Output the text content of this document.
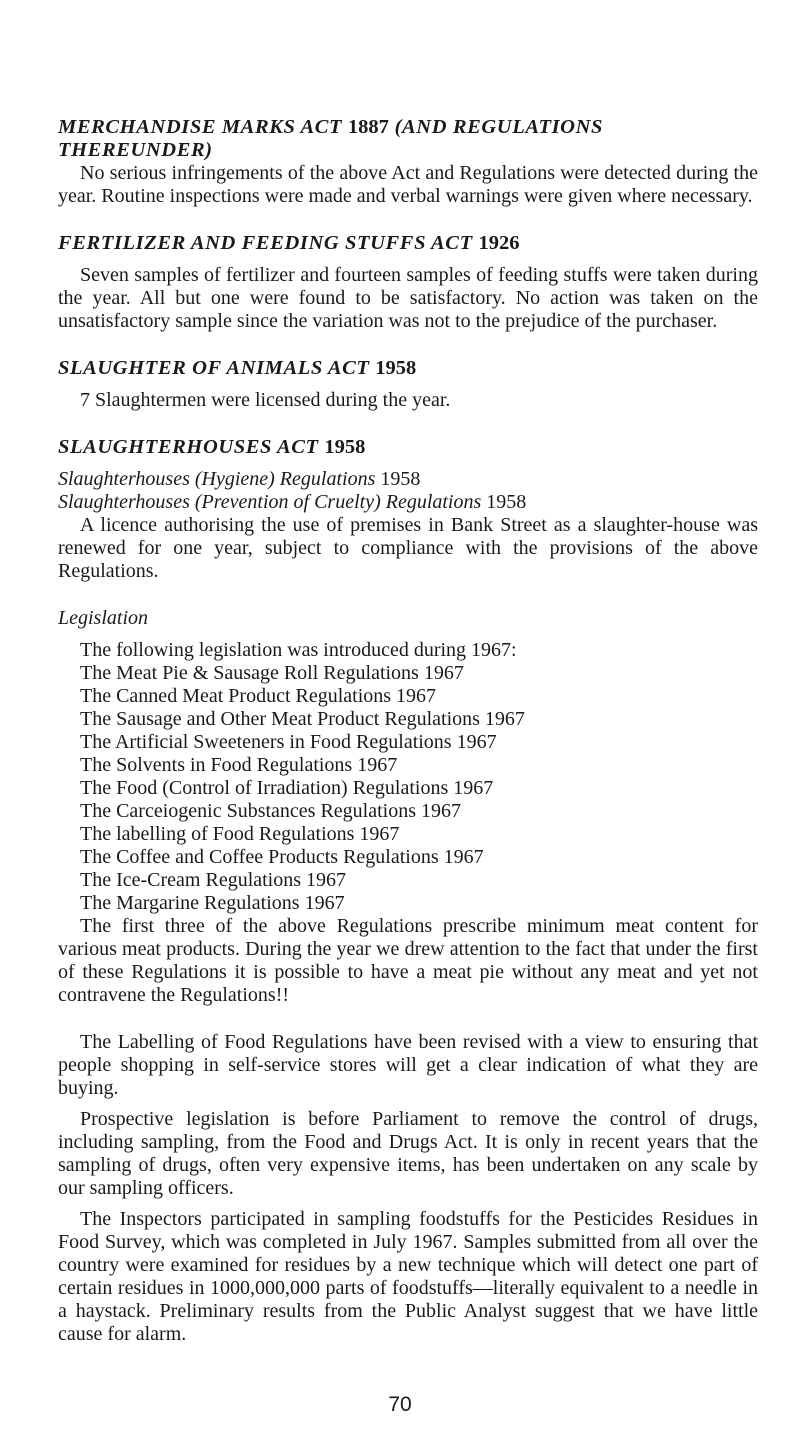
MERCHANDISE MARKS ACT 1887 (AND REGULATIONS
THEREUNDER)

No serious infringements of the above Act and Regulations were detected during the year. Routine inspections were made and verbal warnings were given where necessary.

FERTILIZER AND FEEDING STUFFS ACT 1926

Seven samples of fertilizer and fourteen samples of feeding stuffs were taken during the year. All but one were found to be satisfactory. No action was taken on the unsatisfactory sample since the variation was not to the prejudice of the purchaser.

SLAUGHTER OF ANIMALS ACT 1958

7 Slaughtermen were licensed during the year.

SLAUGHTERHOUSES ACT 1958

Slaughterhouses (Hygiene) Regulations 1958

Slaughterhouses (Prevention of Cruelty) Regulations 1958

A licence authorising the use of premises in Bank Street as a slaughter-house was renewed for one year, subject to compliance with the provisions of the above Regulations.

Legislation

The following legislation was introduced during 1967:

The Meat Pie & Sausage Roll Regulations 1967
The Canned Meat Product Regulations 1967
The Sausage and Other Meat Product Regulations 1967
The Artificial Sweeteners in Food Regulations 1967
The Solvents in Food Regulations 1967
The Food (Control of Irradiation) Regulations 1967
The Carceiogenic Substances Regulations 1967
The labelling of Food Regulations 1967
The Coffee and Coffee Products Regulations 1967
The Ice-Cream Regulations 1967
The Margarine Regulations 1967

The first three of the above Regulations prescribe minimum meat content for various meat products. During the year we drew attention to the fact that under the first of these Regulations it is possible to have a meat pie without any meat and yet not contravene the Regulations!!

The Labelling of Food Regulations have been revised with a view to ensuring that people shopping in self-service stores will get a clear indication of what they are buying.

Prospective legislation is before Parliament to remove the control of drugs, including sampling, from the Food and Drugs Act. It is only in recent years that the sampling of drugs, often very expensive items, has been undertaken on any scale by our sampling officers.

The Inspectors participated in sampling foodstuffs for the Pesticides Residues in Food Survey, which was completed in July 1967. Samples submitted from all over the country were examined for residues by a new technique which will detect one part of certain residues in 1000,000,000 parts of foodstuffs—literally equivalent to a needle in a haystack. Preliminary results from the Public Analyst suggest that we have little cause for alarm.

70
